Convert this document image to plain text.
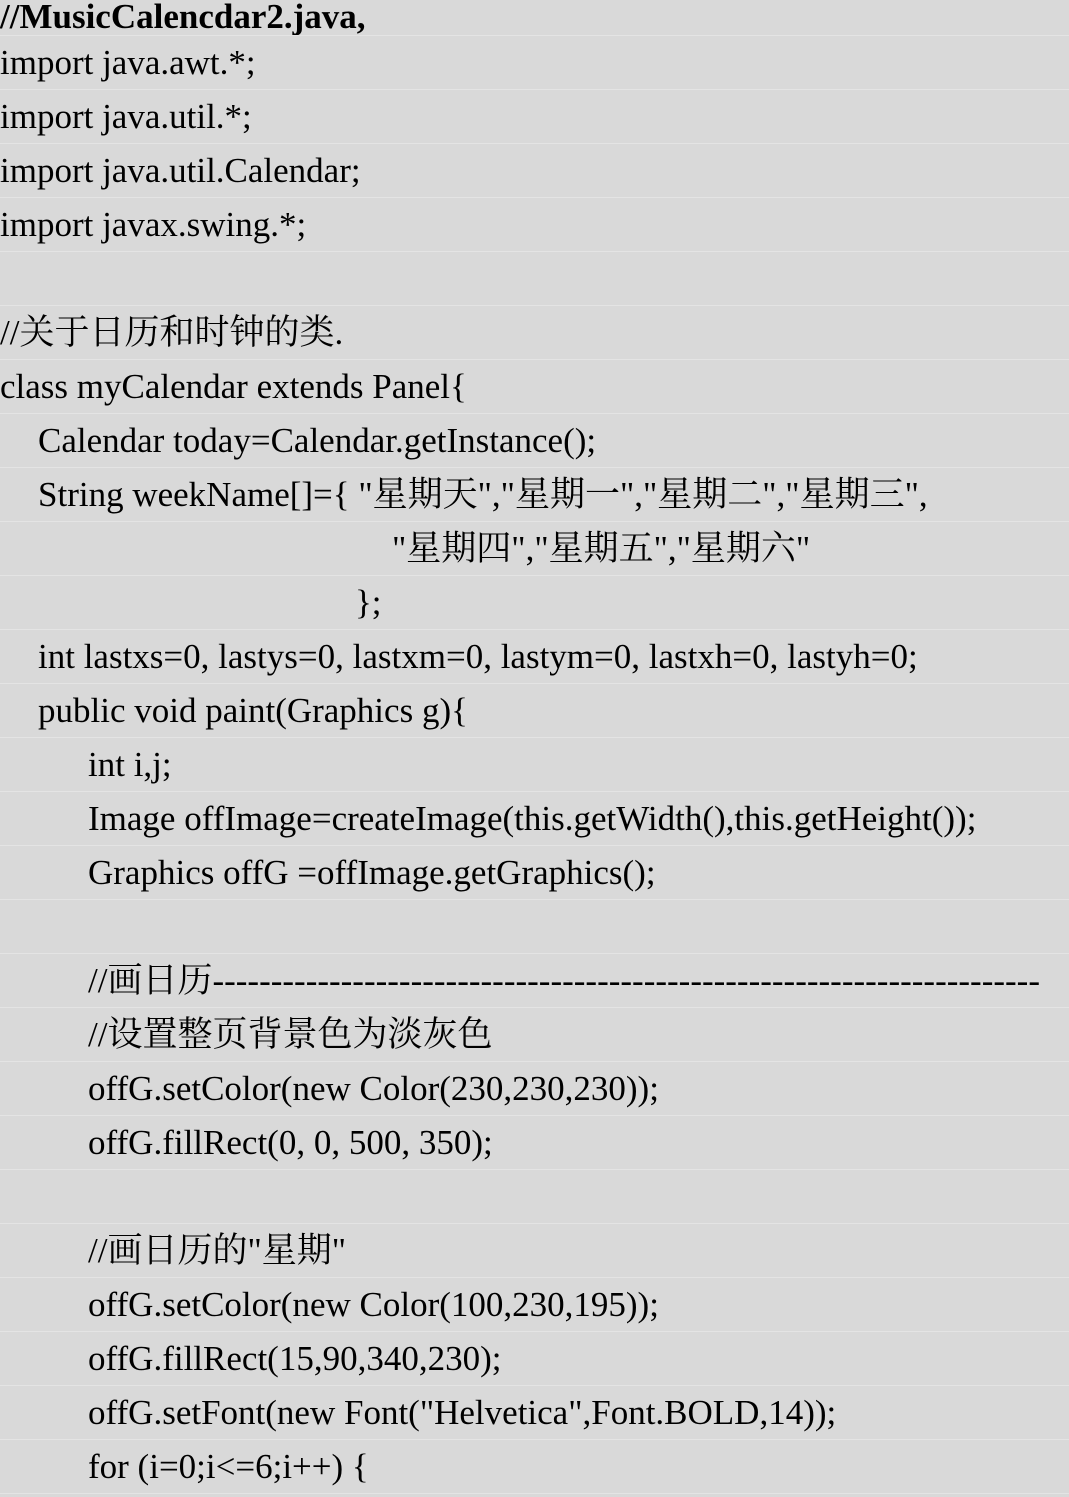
//MusicCalencdar2.java,
import java.awt.*;
import java.util.*;
import java.util.Calendar;
import javax.swing.*;
//关于日历和时钟的类.
class myCalendar extends Panel{
Calendar today=Calendar.getInstance();
String weekName[]={ "星期天","星期一","星期二","星期三",
"星期四","星期五","星期六"
};
int lastxs=0, lastys=0, lastxm=0, lastym=0, lastxh=0, lastyh=0;
public void paint(Graphics g){
int i,j;
Image offImage=createImage(this.getWidth(),this.getHeight());
Graphics offG =offImage.getGraphics();
//画日历-----------------------------------------------------------------------
//设置整页背景色为淡灰色
offG.setColor(new Color(230,230,230));
offG.fillRect(0, 0, 500, 350);
//画日历的"星期"
offG.setColor(new Color(100,230,195));
offG.fillRect(15,90,340,230);
offG.setFont(new Font("Helvetica",Font.BOLD,14));
for (i=0;i<=6;i++) {
